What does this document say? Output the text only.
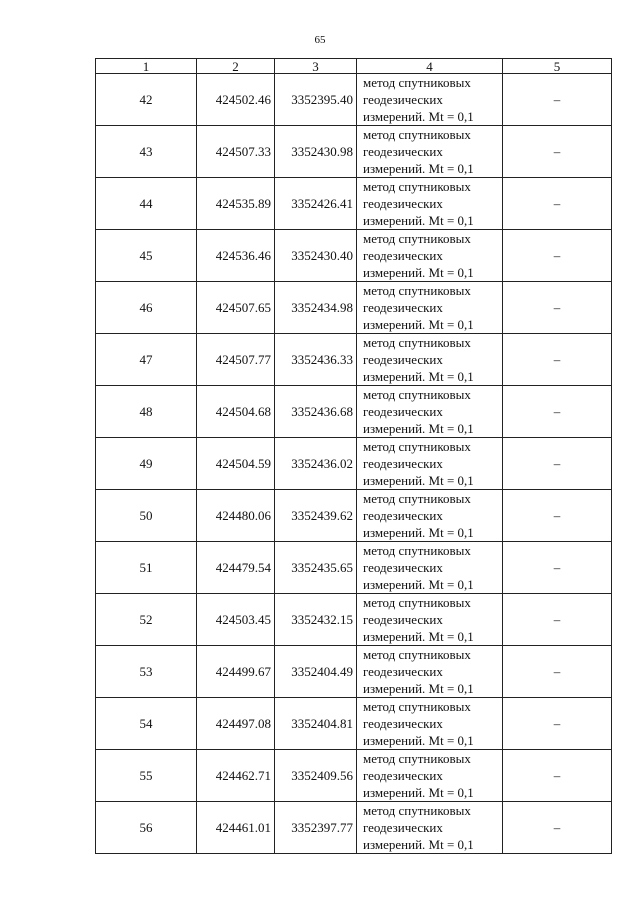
65
1	2	3	4	5
42	424502.46	3352395.40	метод спутниковых
геодезических
измерений. Mt = 0,1	–
43	424507.33	3352430.98	метод спутниковых
геодезических
измерений. Mt = 0,1	–
44	424535.89	3352426.41	метод спутниковых
геодезических
измерений. Mt = 0,1	–
45	424536.46	3352430.40	метод спутниковых
геодезических
измерений. Mt = 0,1	–
46	424507.65	3352434.98	метод спутниковых
геодезических
измерений. Mt = 0,1	–
47	424507.77	3352436.33	метод спутниковых
геодезических
измерений. Mt = 0,1	–
48	424504.68	3352436.68	метод спутниковых
геодезических
измерений. Mt = 0,1	–
49	424504.59	3352436.02	метод спутниковых
геодезических
измерений. Mt = 0,1	–
50	424480.06	3352439.62	метод спутниковых
геодезических
измерений. Mt = 0,1	–
51	424479.54	3352435.65	метод спутниковых
геодезических
измерений. Mt = 0,1	–
52	424503.45	3352432.15	метод спутниковых
геодезических
измерений. Mt = 0,1	–
53	424499.67	3352404.49	метод спутниковых
геодезических
измерений. Mt = 0,1	–
54	424497.08	3352404.81	метод спутниковых
геодезических
измерений. Mt = 0,1	–
55	424462.71	3352409.56	метод спутниковых
геодезических
измерений. Mt = 0,1	–
56	424461.01	3352397.77	метод спутниковых
геодезических
измерений. Mt = 0,1	–
